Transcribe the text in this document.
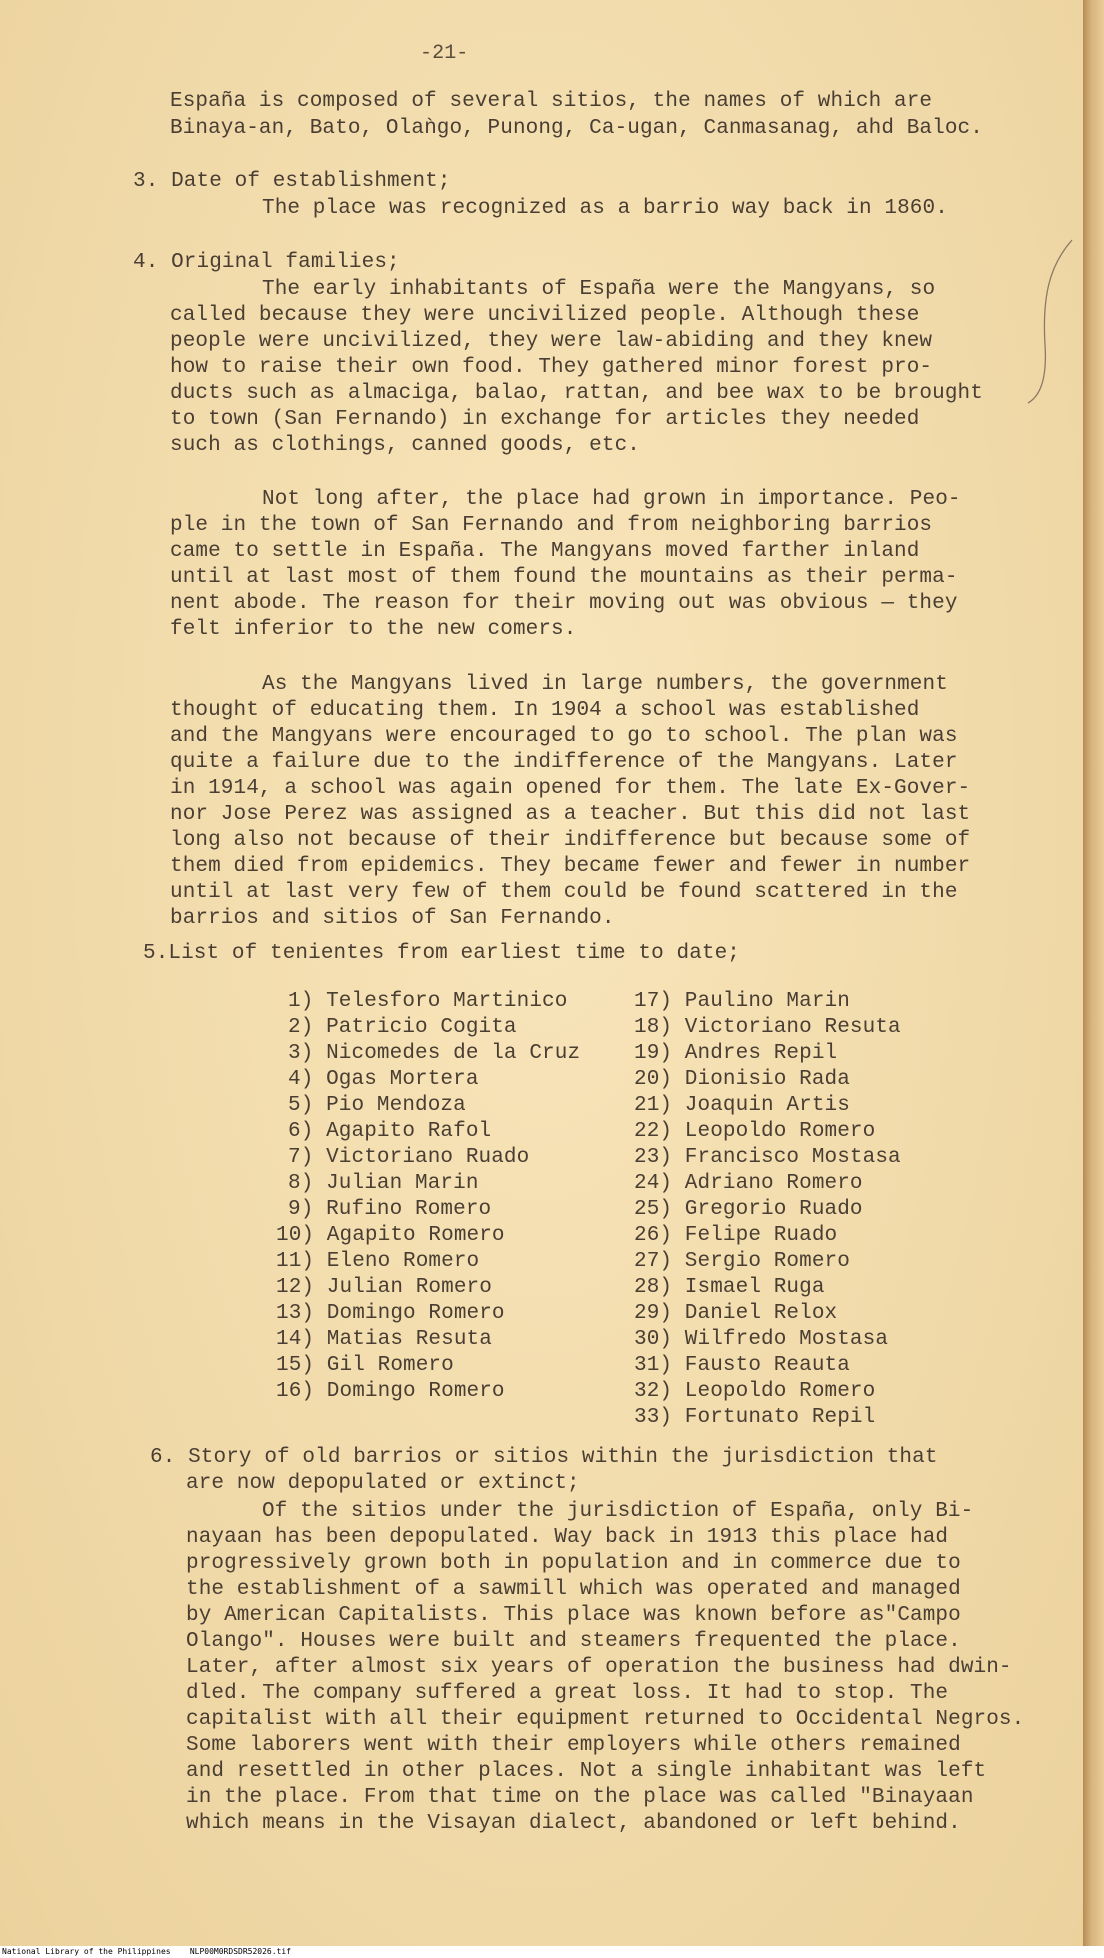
National Library of the Philippines    NLP00M0RDSDR52026.tif
-21-
España is composed of several sitios, the names of which are
Binaya-an, Bato, Olaǹgo, Punong, Ca-ugan, Canmasanag, ahd Baloc.
3. Date of establishment;
The place was recognized as a barrio way back in 1860.
4. Original families;
The early inhabitants of España were the Mangyans, so
called because they were uncivilized people. Although these
people were uncivilized, they were law-abiding and they knew
how to raise their own food. They gathered minor forest pro-
ducts such as almaciga, balao, rattan, and bee wax to be brought
to town (San Fernando) in exchange for articles they needed
such as clothings, canned goods, etc.
Not long after, the place had grown in importance. Peo-
ple in the town of San Fernando and from neighboring barrios
came to settle in España. The Mangyans moved farther inland
until at last most of them found the mountains as their perma-
nent abode. The reason for their moving out was obvious — they
felt inferior to the new comers.
As the Mangyans lived in large numbers, the government
thought of educating them. In 1904 a school was established
and the Mangyans were encouraged to go to school. The plan was
quite a failure due to the indifference of the Mangyans. Later
in 1914, a school was again opened for them. The late Ex-Gover-
nor Jose Perez was assigned as a teacher. But this did not last
long also not because of their indifference but because some of
them died from epidemics. They became fewer and fewer in number
until at last very few of them could be found scattered in the
barrios and sitios of San Fernando.
5.List of tenientes from earliest time to date;
1) Telesforo Martinico
2) Patricio Cogita
3) Nicomedes de la Cruz
4) Ogas Mortera
5) Pio Mendoza
6) Agapito Rafol
7) Victoriano Ruado
8) Julian Marin
9) Rufino Romero
10) Agapito Romero
11) Eleno Romero
12) Julian Romero
13) Domingo Romero
14) Matias Resuta
15) Gil Romero
16) Domingo Romero
17) Paulino Marin
18) Victoriano Resuta
19) Andres Repil
20) Dionisio Rada
21) Joaquin Artis
22) Leopoldo Romero
23) Francisco Mostasa
24) Adriano Romero
25) Gregorio Ruado
26) Felipe Ruado
27) Sergio Romero
28) Ismael Ruga
29) Daniel Relox
30) Wilfredo Mostasa
31) Fausto Reauta
32) Leopoldo Romero
33) Fortunato Repil
6. Story of old barrios or sitios within the jurisdiction that
are now depopulated or extinct;
Of the sitios under the jurisdiction of España, only Bi-
nayaan has been depopulated. Way back in 1913 this place had
progressively grown both in population and in commerce due to
the establishment of a sawmill which was operated and managed
by American Capitalists. This place was known before as"Campo
Olango". Houses were built and steamers frequented the place.
Later, after almost six years of operation the business had dwin-
dled. The company suffered a great loss. It had to stop. The
capitalist with all their equipment returned to Occidental Negros.
Some laborers went with their employers while others remained
and resettled in other places. Not a single inhabitant was left
in the place. From that time on the place was called "Binayaan
which means in the Visayan dialect, abandoned or left behind.
